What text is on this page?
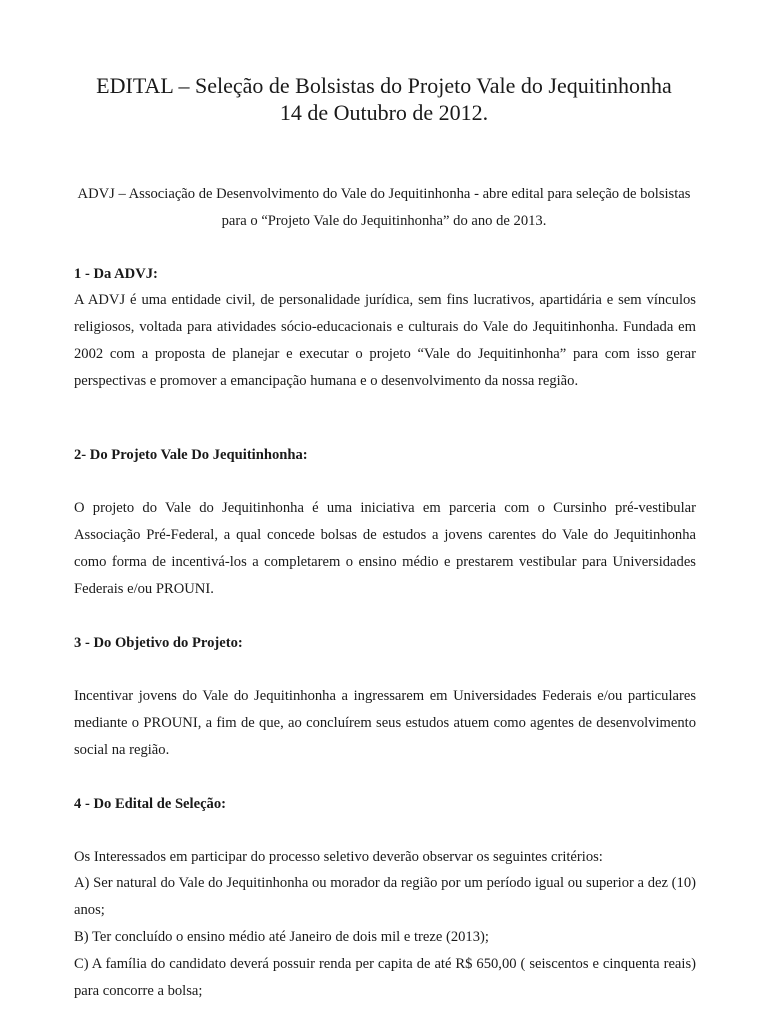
EDITAL – Seleção de Bolsistas do Projeto Vale do Jequitinhonha
14 de Outubro de 2012.
ADVJ – Associação de Desenvolvimento do Vale do Jequitinhonha - abre edital para seleção de bolsistas para o “Projeto Vale do Jequitinhonha” do ano de 2013.
1 - Da ADVJ:
A ADVJ é uma entidade civil, de personalidade jurídica, sem fins lucrativos, apartidária e sem vínculos religiosos, voltada para atividades sócio-educacionais e culturais do Vale do Jequitinhonha. Fundada em 2002 com a proposta de planejar e executar o projeto “Vale do Jequitinhonha” para com isso gerar perspectivas e promover a emancipação humana e o desenvolvimento da nossa região.
2- Do Projeto Vale Do Jequitinhonha:
O projeto do Vale do Jequitinhonha é uma iniciativa em parceria com o Cursinho pré-vestibular Associação Pré-Federal, a qual concede bolsas de estudos a jovens carentes do Vale do Jequitinhonha como forma de incentivá-los a completarem o ensino médio e prestarem vestibular para Universidades Federais e/ou PROUNI.
3 - Do Objetivo do Projeto:
Incentivar jovens do Vale do Jequitinhonha a ingressarem em Universidades Federais e/ou particulares mediante o PROUNI, a fim de que, ao concluírem seus estudos atuem como agentes de desenvolvimento social na região.
4 - Do Edital de Seleção:
Os Interessados em participar do processo seletivo deverão observar os seguintes critérios:
A) Ser natural do Vale do Jequitinhonha ou morador da região por um período igual ou superior a dez (10) anos;
B) Ter concluído o ensino médio até Janeiro de dois mil e treze (2013);
C) A família do candidato deverá possuir renda per capita de até R$ 650,00 ( seiscentos e cinquenta reais) para concorre a bolsa;
